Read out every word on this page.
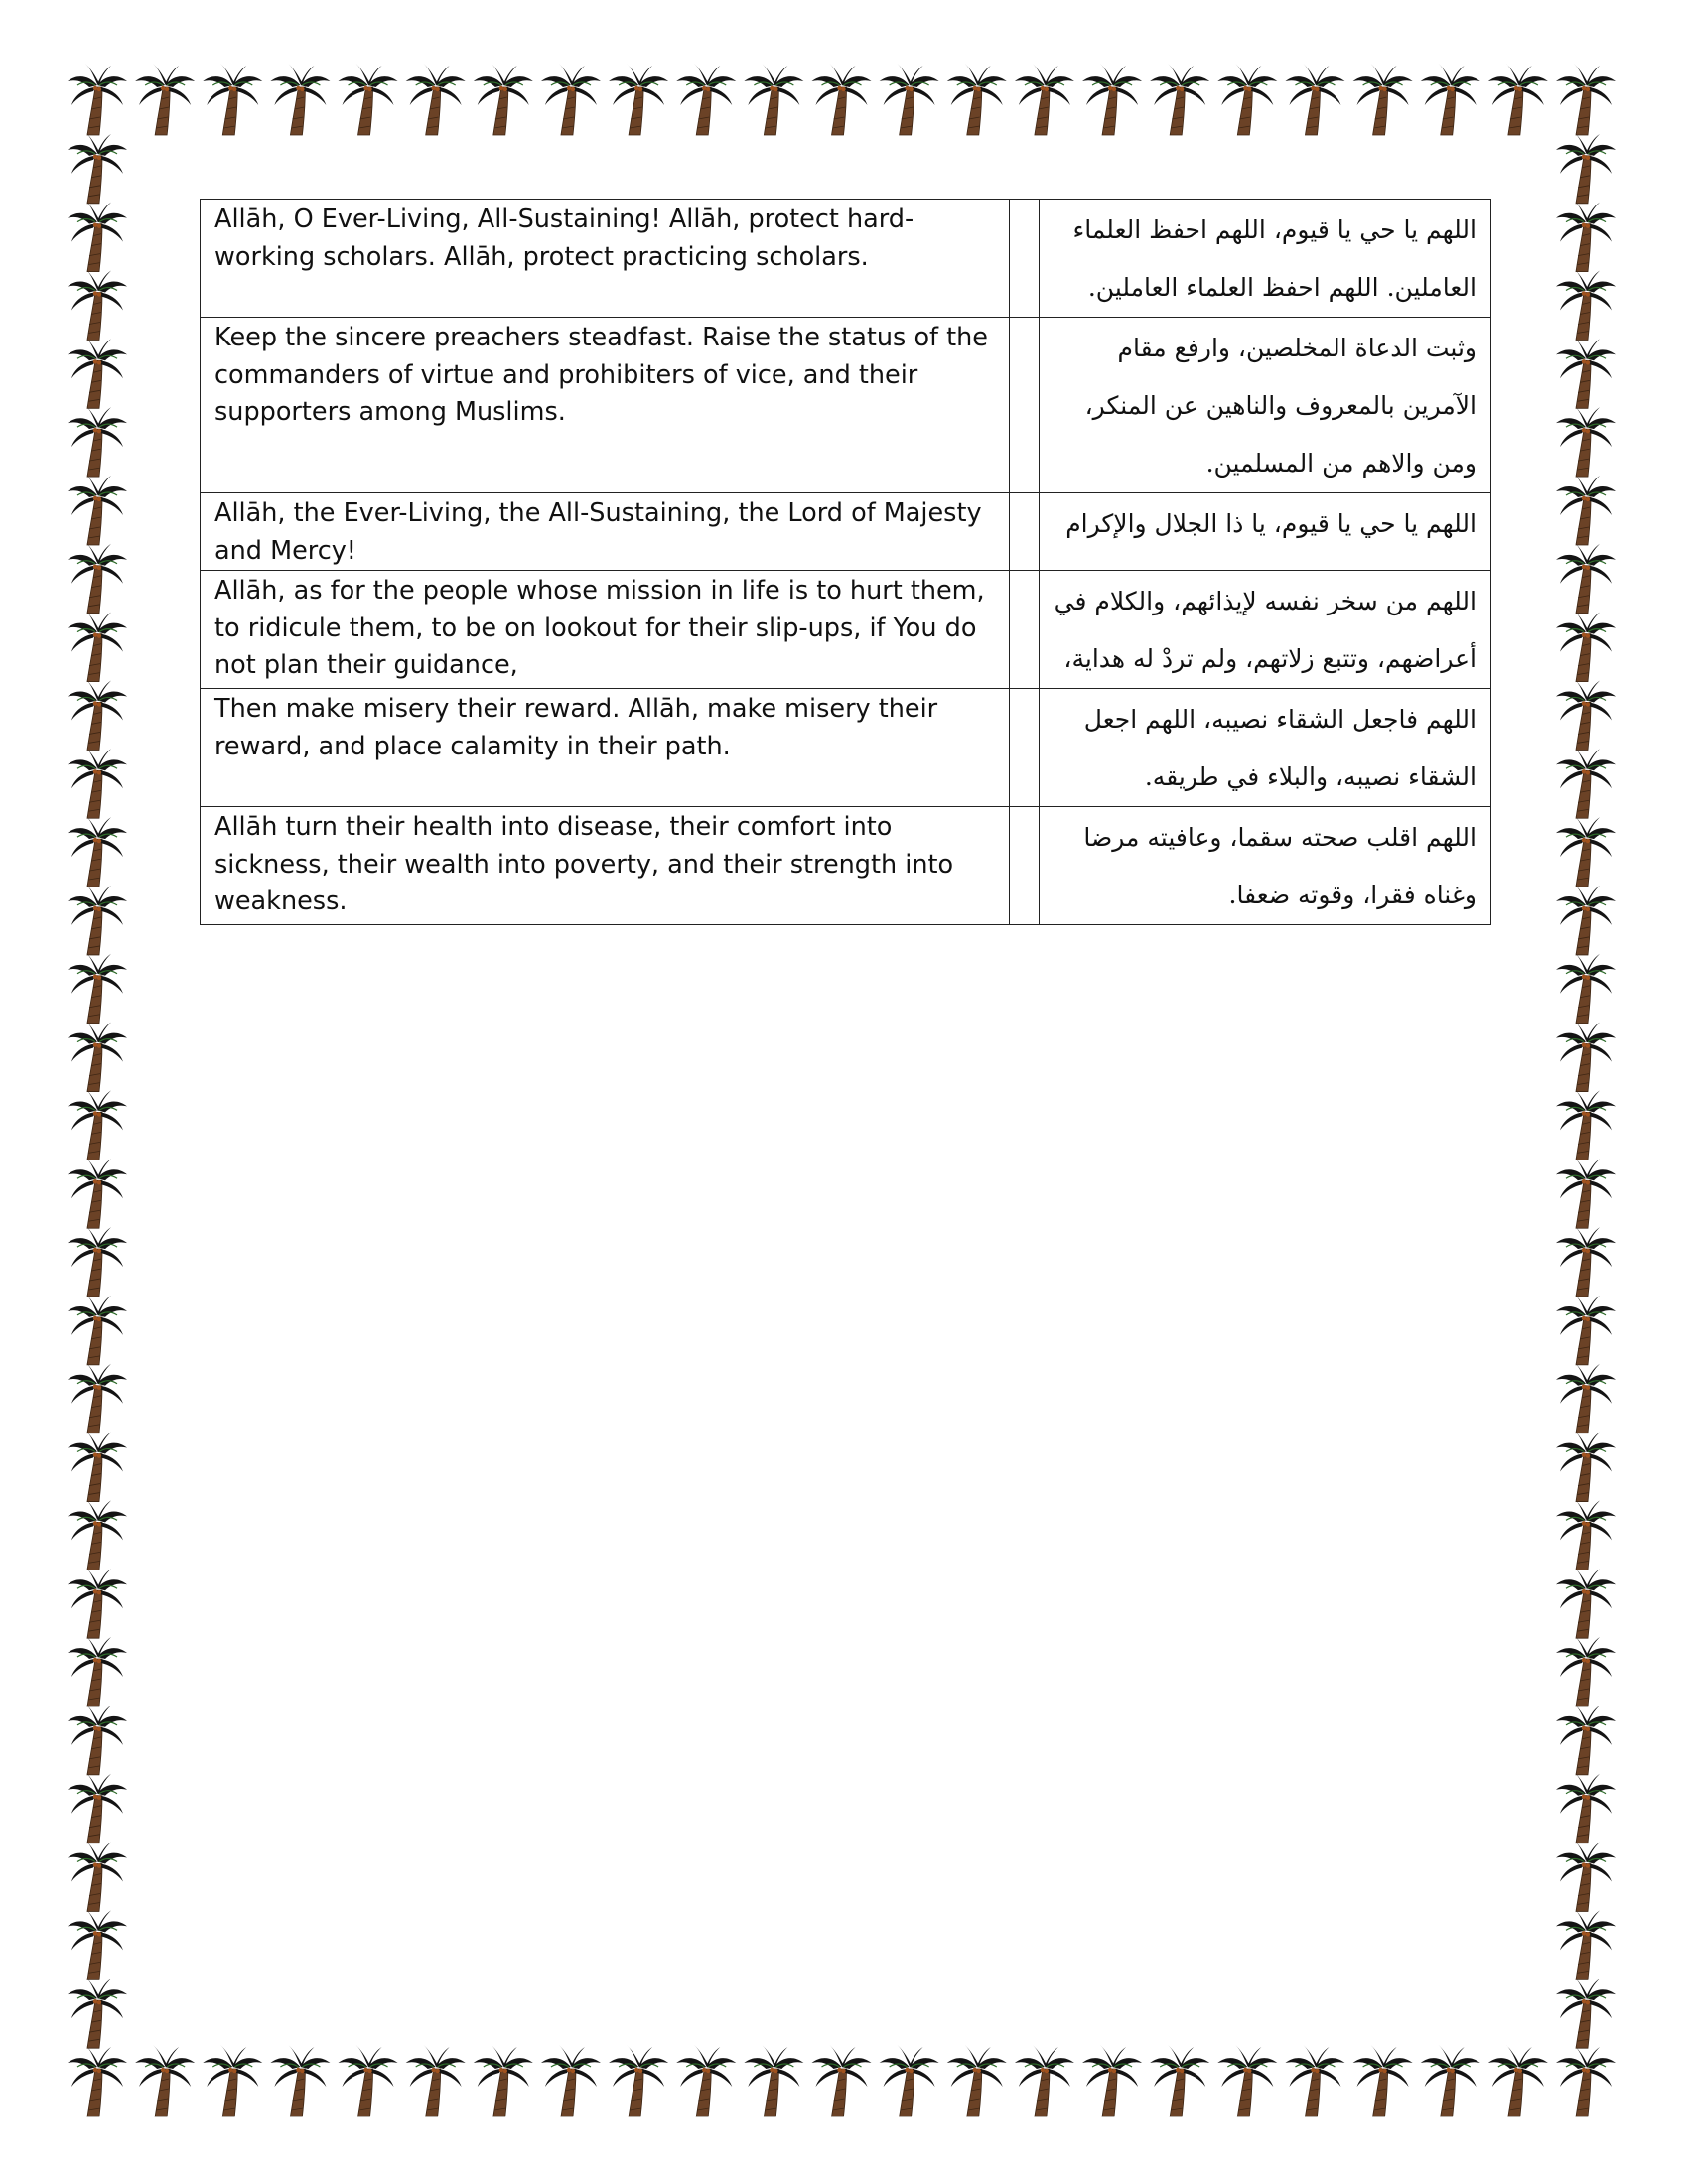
Allāh, O Ever-Living, All-Sustaining! Allāh, protect hard-working scholars. Allāh, protect practicing scholars.		اللهم يا حي يا قيوم، اللهم احفظ العلماء العاملين. اللهم احفظ العلماء العاملين.
Keep the sincere preachers steadfast. Raise the status of the commanders of virtue and prohibiters of vice, and their supporters among Muslims.		وثبت الدعاة المخلصين، وارفع مقام الآمرين بالمعروف والناهين عن المنكر، ومن والاهم من المسلمين.
Allāh, the Ever-Living, the All-Sustaining, the Lord of Majesty and Mercy!		اللهم يا حي يا قيوم، يا ذا الجلال والإكرام
Allāh, as for the people whose mission in life is to hurt them, to ridicule them, to be on lookout for their slip-ups, if You do not plan their guidance,		اللهم من سخر نفسه لإيذائهم، والكلام في أعراضهم، وتتبع زلاتهم، ولم تردْ له هداية،
Then make misery their reward. Allāh, make misery their reward, and place calamity in their path.		اللهم فاجعل الشقاء نصيبه، اللهم اجعل الشقاء نصيبه، والبلاء في طريقه.
Allāh turn their health into disease, their comfort into sickness, their wealth into poverty, and their strength into weakness.		اللهم اقلب صحته سقما، وعافيته مرضا وغناه فقرا، وقوته ضعفا.
